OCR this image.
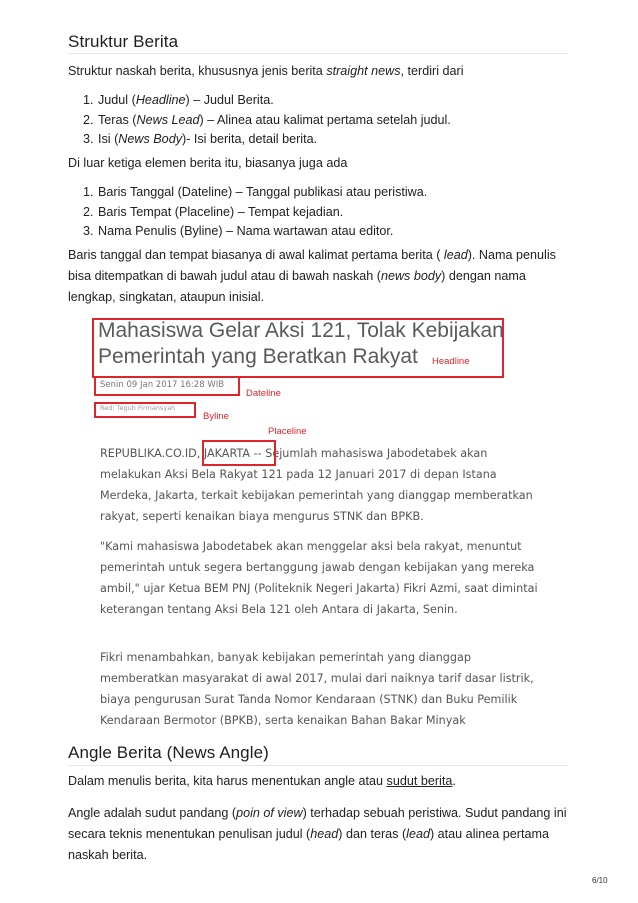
Struktur Berita

Struktur naskah berita, khususnya jenis berita straight news, terdiri dari

1. Judul (Headline) – Judul Berita.
2. Teras (News Lead) – Alinea atau kalimat pertama setelah judul.
3. Isi (News Body)- Isi berita, detail berita.

Di luar ketiga elemen berita itu, biasanya juga ada

1. Baris Tanggal (Dateline) – Tanggal publikasi atau peristiwa.
2. Baris Tempat (Placeline) – Tempat kejadian.
3. Nama Penulis (Byline) – Nama wartawan atau editor.

Baris tanggal dan tempat biasanya di awal kalimat pertama berita ( lead). Nama penulis bisa ditempatkan di bawah judul atau di bawah naskah (news body) dengan nama lengkap, singkatan, ataupun inisial.

Mahasiswa Gelar Aksi 121, Tolak Kebijakan
Pemerintah yang Beratkan Rakyat	Headline
Senin 09 Jan 2017 16:28 WIB
Dateline
Red: Teguh Firmansyah
Byline
Placeline
REPUBLIKA.CO.ID, JAKARTA -- Sejumlah mahasiswa Jabodetabek akan melakukan Aksi Bela Rakyat 121 pada 12 Januari 2017 di depan Istana Merdeka, Jakarta, terkait kebijakan pemerintah yang dianggap memberatkan rakyat, seperti kenaikan biaya mengurus STNK dan BPKB.
"Kami mahasiswa Jabodetabek akan menggelar aksi bela rakyat, menuntut pemerintah untuk segera bertanggung jawab dengan kebijakan yang mereka ambil," ujar Ketua BEM PNJ (Politeknik Negeri Jakarta) Fikri Azmi, saat dimintai keterangan tentang Aksi Bela 121 oleh Antara di Jakarta, Senin.
Fikri menambahkan, banyak kebijakan pemerintah yang dianggap memberatkan masyarakat di awal 2017, mulai dari naiknya tarif dasar listrik, biaya pengurusan Surat Tanda Nomor Kendaraan (STNK) dan Buku Pemilik Kendaraan Bermotor (BPKB), serta kenaikan Bahan Bakar Minyak
Angle Berita (News Angle)

Dalam menulis berita, kita harus menentukan angle atau sudut berita.

Angle adalah sudut pandang (poin of view) terhadap sebuah peristiwa. Sudut pandang ini secara teknis menentukan penulisan judul (head) dan teras (lead) atau alinea pertama naskah berita.

6/10
